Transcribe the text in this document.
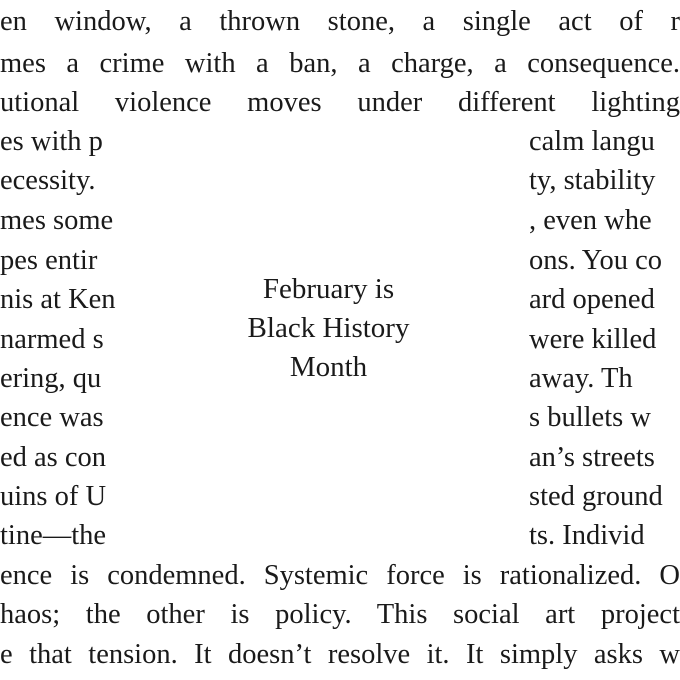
en window, a thrown stone, a single act of r
mes a crime with a ban, a charge, a consequence.
utional violence moves under different lighting
es with p
ecessity.
mes some
pes entir
nis at Ken
narmed s
ering, qu
ence was
ed as con
uins of U
tine—the
calm langu
ty, stability
, even whe
ons. You co
ard opened
were killed
away. Th
s bullets w
an’s streets
sted ground
ts. Individ
ence is condemned. Systemic force is rationalized. O
haos; the other is policy. This social art project
e that tension. It doesn’t resolve it. It simply asks w
February is
Black History
Month
